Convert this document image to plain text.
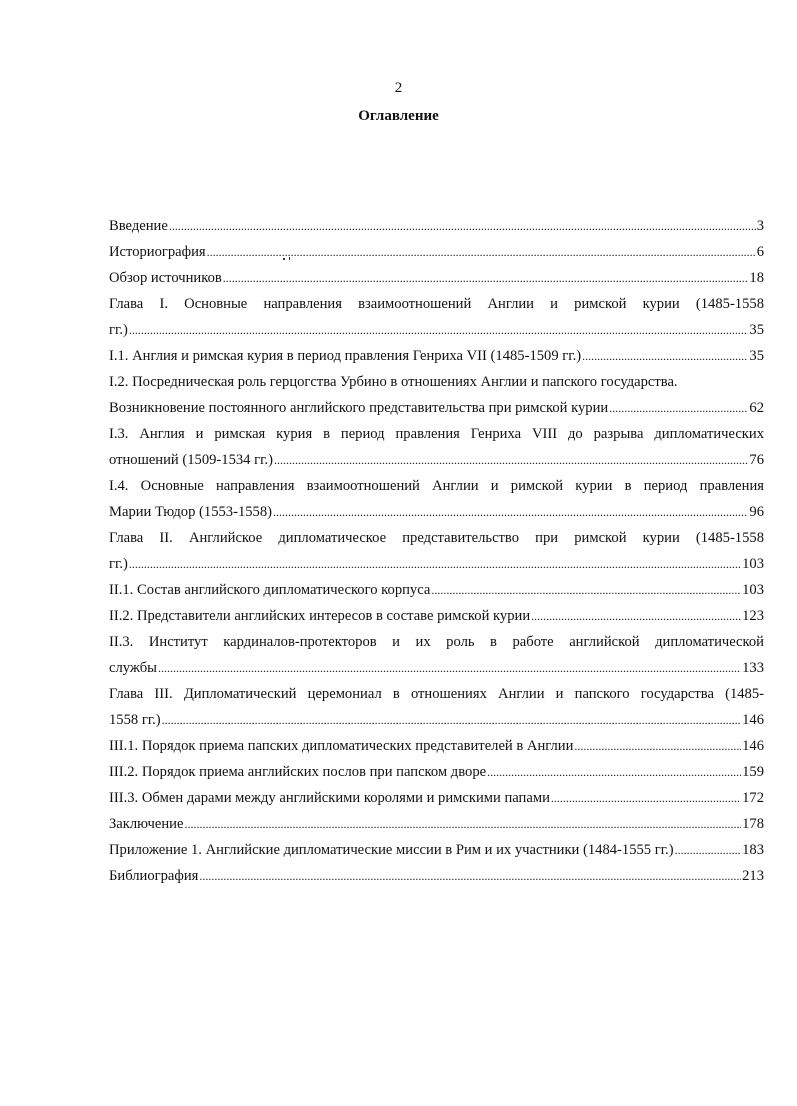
2
Оглавление
Введение .....	3
Историография .....	6
Обзор источников .....	18
Глава I. Основные направления взаимоотношений Англии и римской курии (1485-1558
гг.) .....	35
I.1. Англия и римская курия в период правления Генриха VII (1485-1509 гг.) .....	35
I.2. Посредническая роль герцогства Урбино в отношениях Англии и папского государства.
Возникновение постоянного английского представительства при римской курии .....	62
I.3. Англия и римская курия в период правления Генриха VIII до разрыва дипломатических
отношений (1509-1534 гг.) .....	76
I.4. Основные направления взаимоотношений Англии и римской курии в период правления
Марии Тюдор (1553-1558) .....	96
Глава II. Английское дипломатическое представительство при римской курии (1485-1558
гг.) .....	103
II.1. Состав английского дипломатического корпуса .....	103
II.2. Представители английских интересов в составе римской курии .....	123
II.3. Институт кардиналов-протекторов и их роль в работе английской дипломатической
службы .....	133
Глава III. Дипломатический церемониал в отношениях Англии и папского государства (1485-
1558 гг.) .....	146
III.1. Порядок приема папских дипломатических представителей в Англии .....	146
III.2. Порядок приема английских послов при папском дворе .....	159
III.3. Обмен дарами между английскими королями и римскими папами .....	172
Заключение .....	178
Приложение 1. Английские дипломатические миссии в Рим и их участники (1484-1555 гг.) .....	183
Библиография .....	213
